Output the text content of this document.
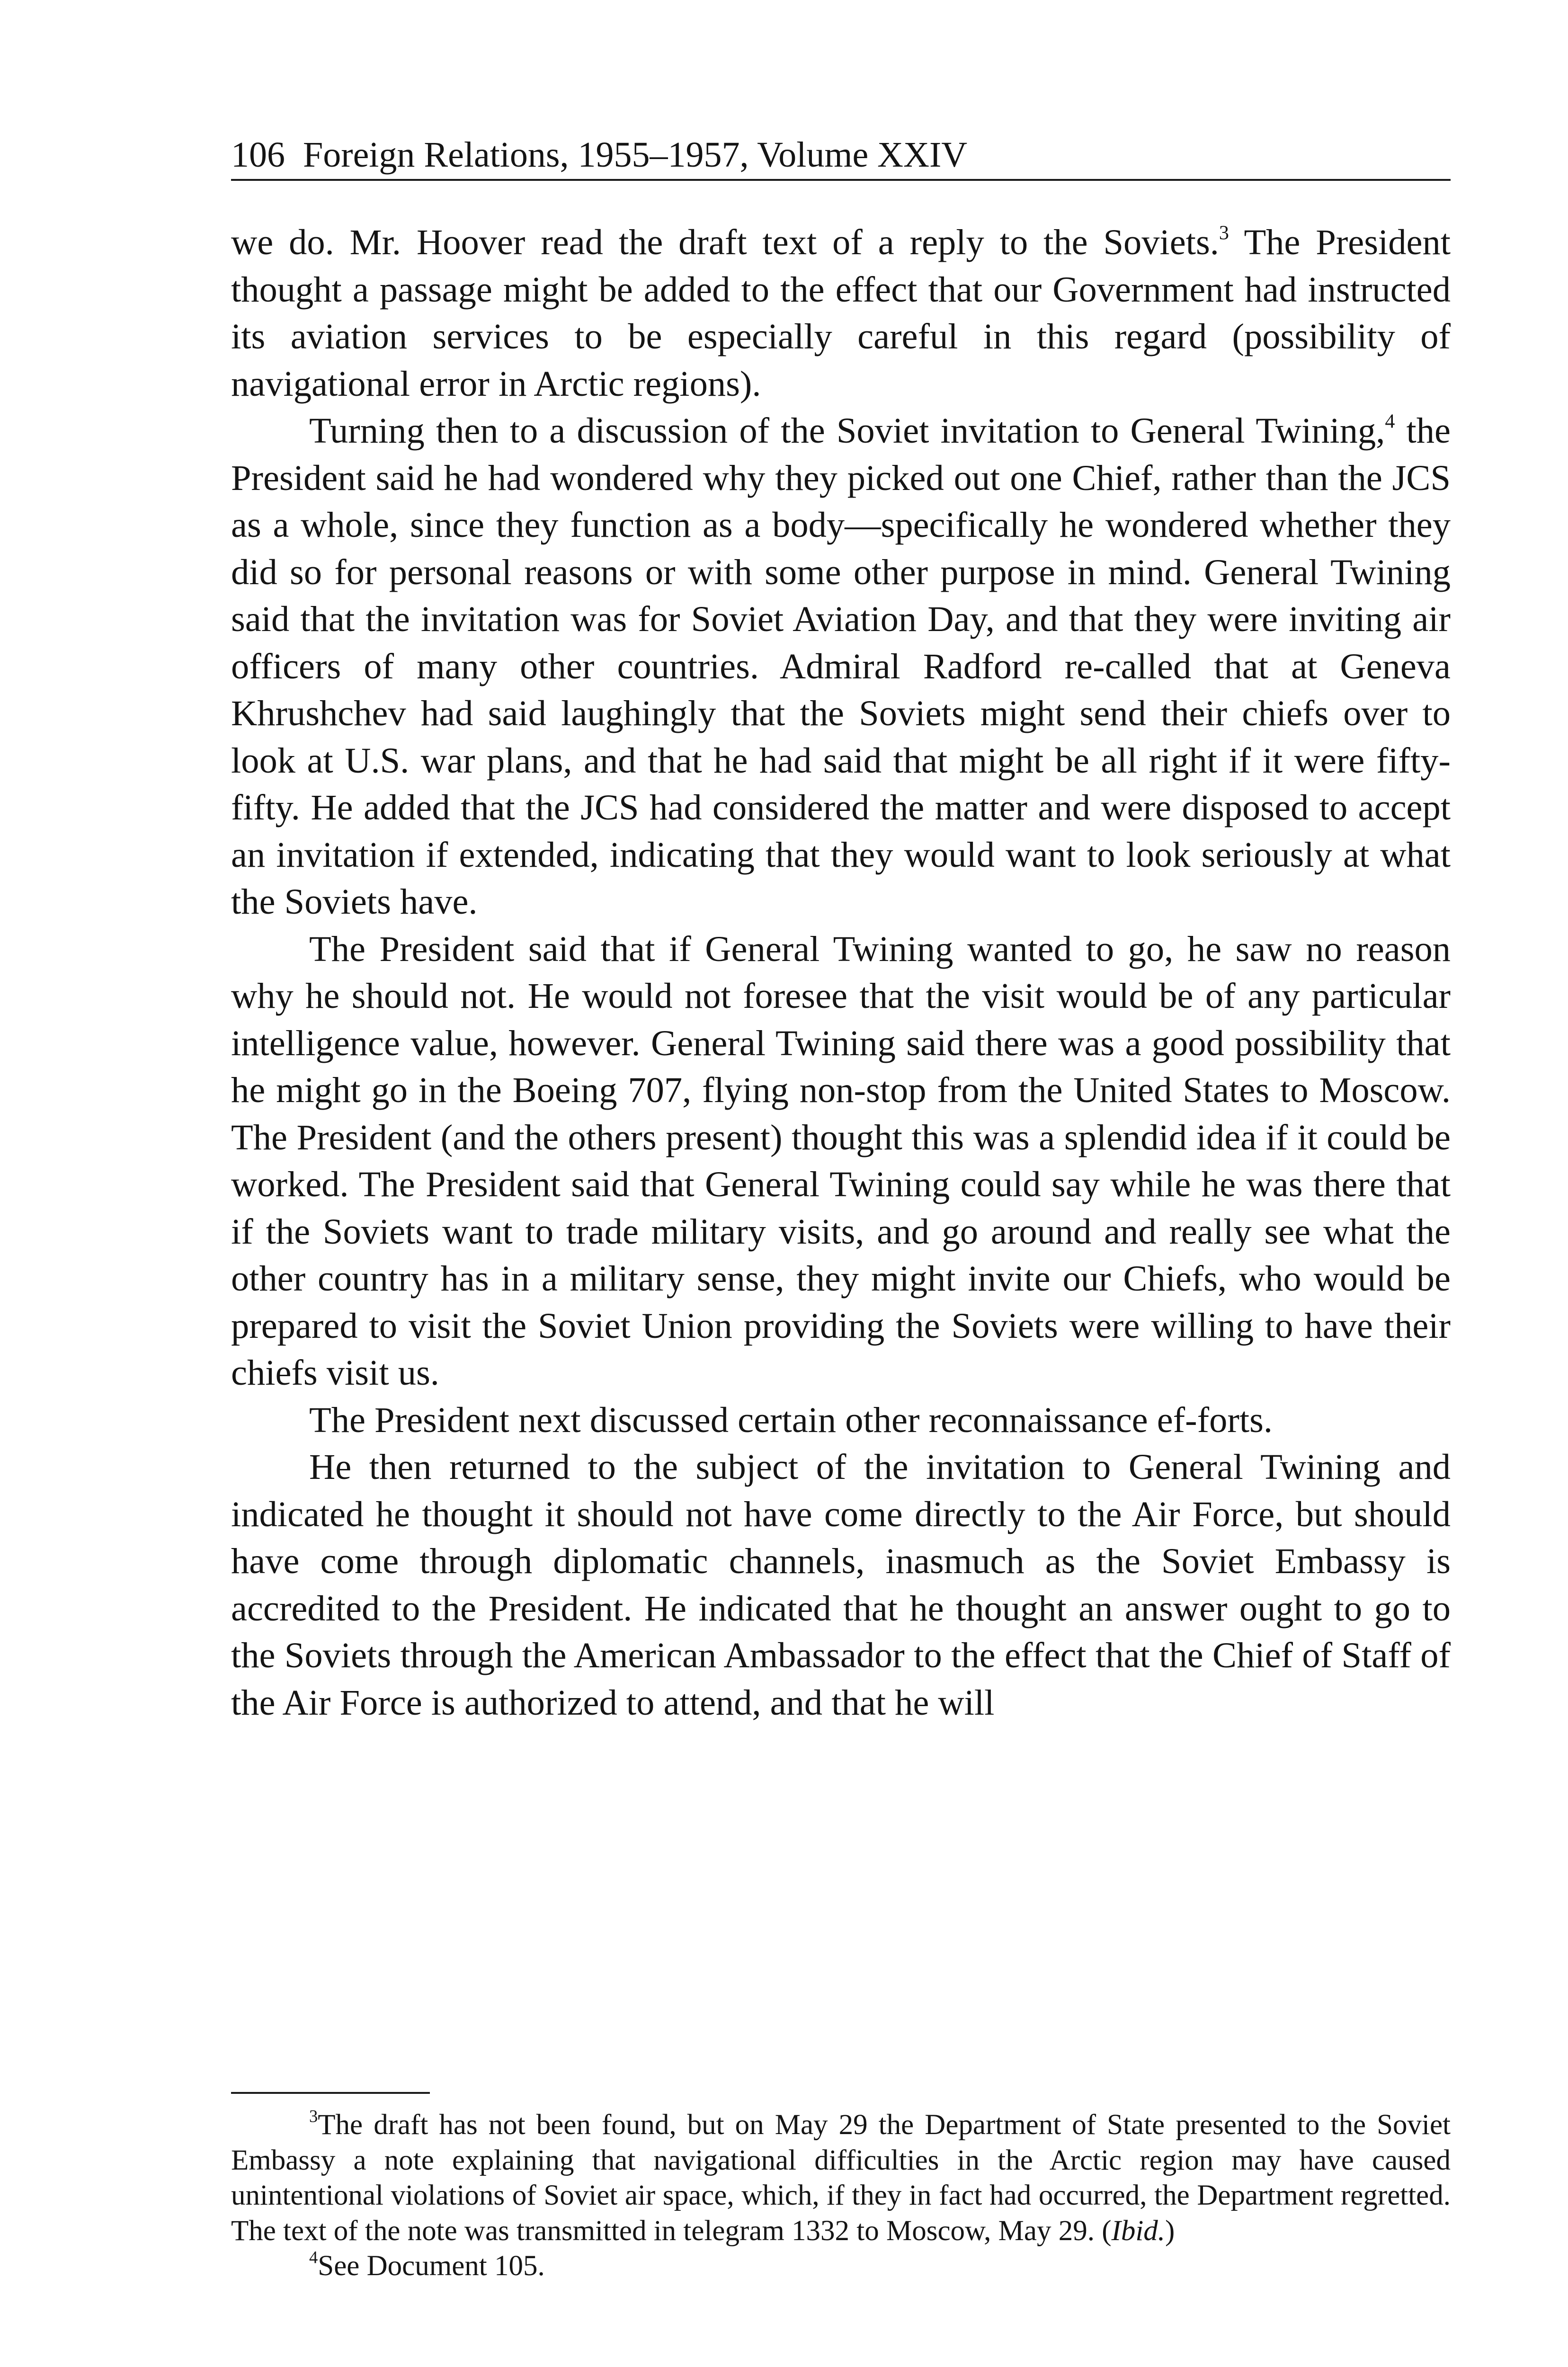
106 Foreign Relations, 1955–1957, Volume XXIV

we do. Mr. Hoover read the draft text of a reply to the Soviets.$^3$ The President thought a passage might be added to the effect that our Government had instructed its aviation services to be especially careful in this regard (possibility of navigational error in Arctic regions).

Turning then to a discussion of the Soviet invitation to General Twining,$^4$ the President said he had wondered why they picked out one Chief, rather than the JCS as a whole, since they function as a body—specifically he wondered whether they did so for personal reasons or with some other purpose in mind. General Twining said that the invitation was for Soviet Aviation Day, and that they were inviting air officers of many other countries. Admiral Radford re-called that at Geneva Khrushchev had said laughingly that the Soviets might send their chiefs over to look at U.S. war plans, and that he had said that might be all right if it were fifty-fifty. He added that the JCS had considered the matter and were disposed to accept an invitation if extended, indicating that they would want to look seriously at what the Soviets have.

The President said that if General Twining wanted to go, he saw no reason why he should not. He would not foresee that the visit would be of any particular intelligence value, however. General Twining said there was a good possibility that he might go in the Boeing 707, flying non-stop from the United States to Moscow. The President (and the others present) thought this was a splendid idea if it could be worked. The President said that General Twining could say while he was there that if the Soviets want to trade military visits, and go around and really see what the other country has in a military sense, they might invite our Chiefs, who would be prepared to visit the Soviet Union providing the Soviets were willing to have their chiefs visit us.

The President next discussed certain other reconnaissance ef-forts.

He then returned to the subject of the invitation to General Twining and indicated he thought it should not have come directly to the Air Force, but should have come through diplomatic channels, inasmuch as the Soviet Embassy is accredited to the President. He indicated that he thought an answer ought to go to the Soviets through the American Ambassador to the effect that the Chief of Staff of the Air Force is authorized to attend, and that he will

$^3$The draft has not been found, but on May 29 the Department of State presented to the Soviet Embassy a note explaining that navigational difficulties in the Arctic region may have caused unintentional violations of Soviet air space, which, if they in fact had occurred, the Department regretted. The text of the note was transmitted in telegram 1332 to Moscow, May 29. (Ibid.)

$^4$See Document 105.
